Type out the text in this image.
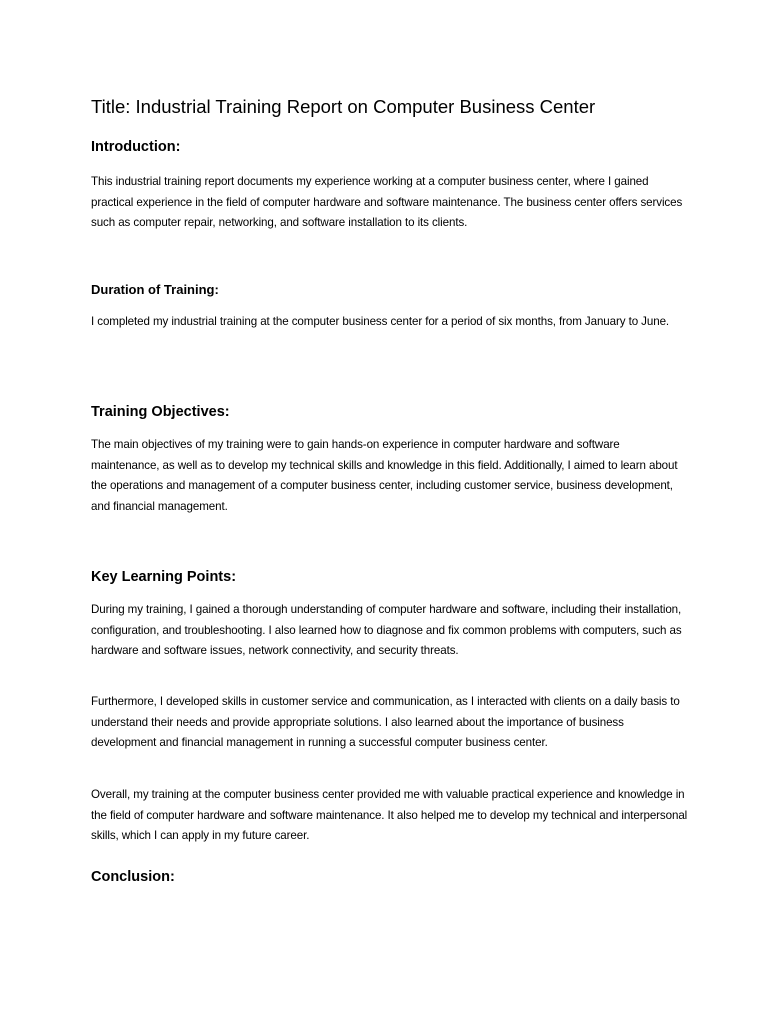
Title: Industrial Training Report on Computer Business Center
Introduction:

This industrial training report documents my experience working at a computer business center, where I gained practical experience in the field of computer hardware and software maintenance. The business center offers services such as computer repair, networking, and software installation to its clients.

Duration of Training:

I completed my industrial training at the computer business center for a period of six months, from January to June.

Training Objectives:

The main objectives of my training were to gain hands-on experience in computer hardware and software maintenance, as well as to develop my technical skills and knowledge in this field. Additionally, I aimed to learn about the operations and management of a computer business center, including customer service, business development, and financial management.

Key Learning Points:

During my training, I gained a thorough understanding of computer hardware and software, including their installation, configuration, and troubleshooting. I also learned how to diagnose and fix common problems with computers, such as hardware and software issues, network connectivity, and security threats.

Furthermore, I developed skills in customer service and communication, as I interacted with clients on a daily basis to understand their needs and provide appropriate solutions. I also learned about the importance of business development and financial management in running a successful computer business center.

Overall, my training at the computer business center provided me with valuable practical experience and knowledge in the field of computer hardware and software maintenance. It also helped me to develop my technical and interpersonal skills, which I can apply in my future career.

Conclusion:
